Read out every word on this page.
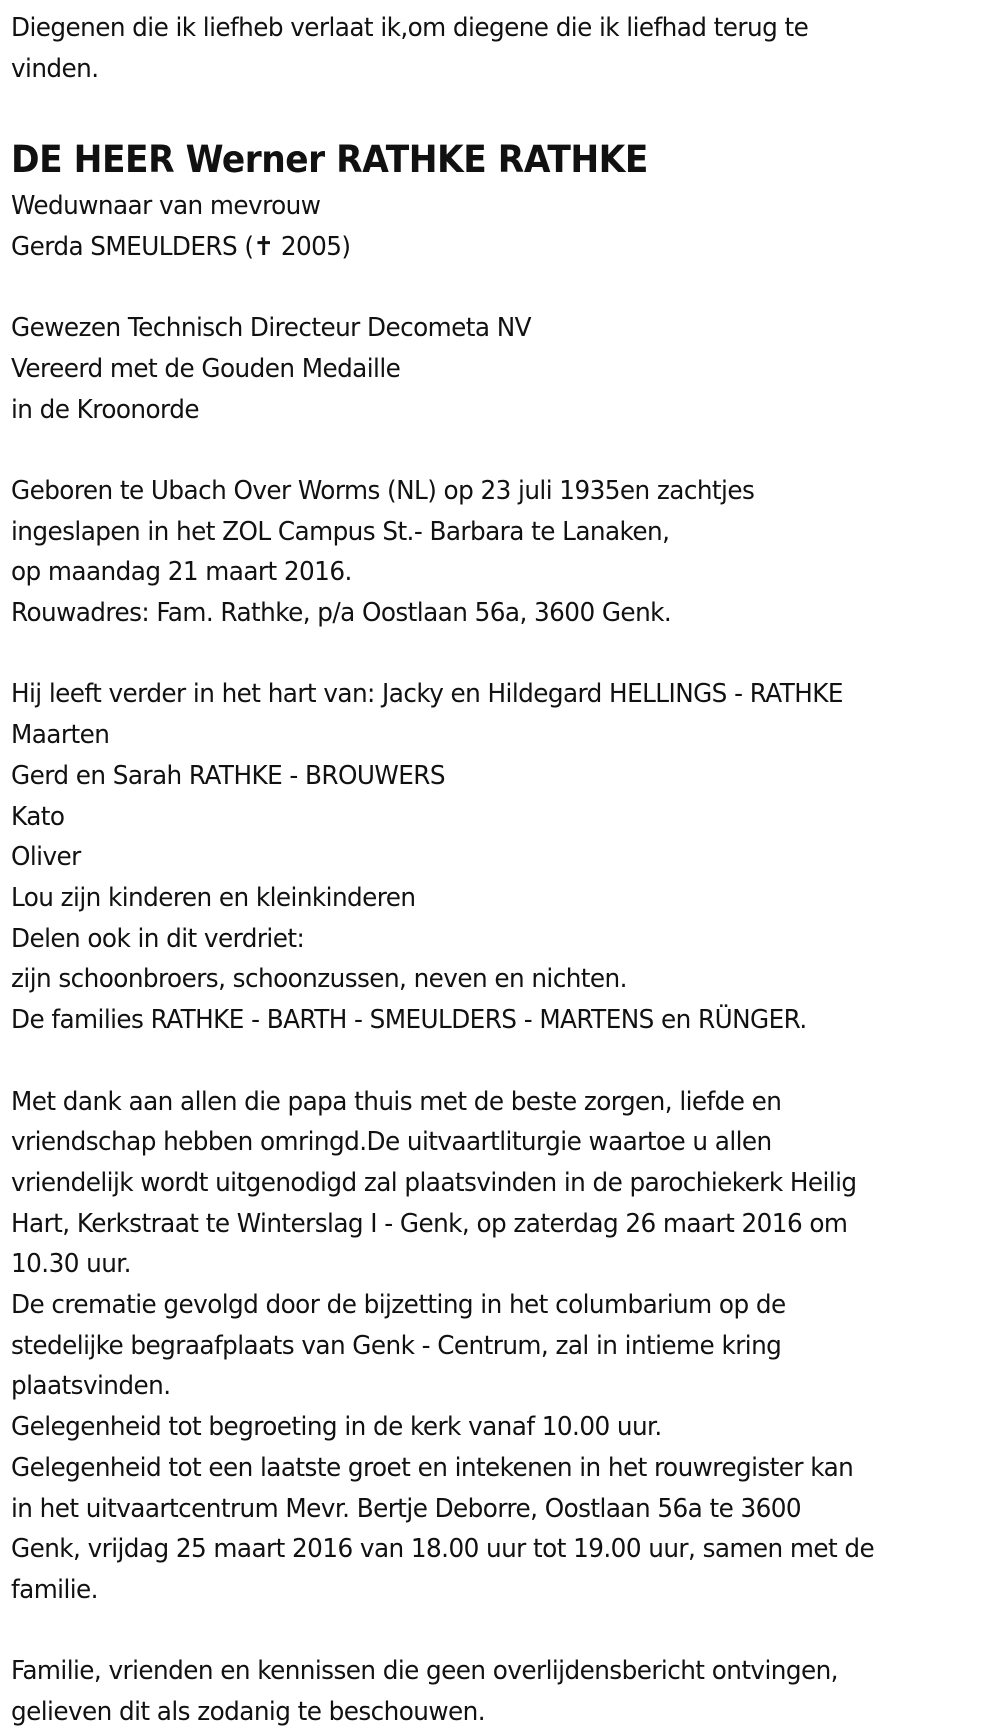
Diegenen die ik liefheb verlaat ik,om diegene die ik liefhad terug te
vinden.

DE HEER Werner RATHKE RATHKE

Weduwnaar van mevrouw
Gerda SMEULDERS (✝ 2005)

Gewezen Technisch Directeur Decometa NV
Vereerd met de Gouden Medaille
in de Kroonorde

Geboren te Ubach Over Worms (NL) op 23 juli 1935en zachtjes
ingeslapen in het ZOL Campus St.- Barbara te Lanaken,
op maandag 21 maart 2016.
Rouwadres: Fam. Rathke, p/a Oostlaan 56a, 3600 Genk.

Hij leeft verder in het hart van: Jacky en Hildegard HELLINGS - RATHKE
Maarten
Gerd en Sarah RATHKE - BROUWERS
Kato
Oliver
Lou zijn kinderen en kleinkinderen
Delen ook in dit verdriet:
zijn schoonbroers, schoonzussen, neven en nichten.
De families RATHKE - BARTH - SMEULDERS - MARTENS en RÜNGER.

Met dank aan allen die papa thuis met de beste zorgen, liefde en
vriendschap hebben omringd.De uitvaartliturgie waartoe u allen
vriendelijk wordt uitgenodigd zal plaatsvinden in de parochiekerk Heilig
Hart, Kerkstraat te Winterslag I - Genk, op zaterdag 26 maart 2016 om
10.30 uur.
De crematie gevolgd door de bijzetting in het columbarium op de
stedelijke begraafplaats van Genk - Centrum, zal in intieme kring
plaatsvinden.
Gelegenheid tot begroeting in de kerk vanaf 10.00 uur.
Gelegenheid tot een laatste groet en intekenen in het rouwregister kan
in het uitvaartcentrum Mevr. Bertje Deborre, Oostlaan 56a te 3600
Genk, vrijdag 25 maart 2016 van 18.00 uur tot 19.00 uur, samen met de
familie.

Familie, vrienden en kennissen die geen overlijdensbericht ontvingen,
gelieven dit als zodanig te beschouwen.
